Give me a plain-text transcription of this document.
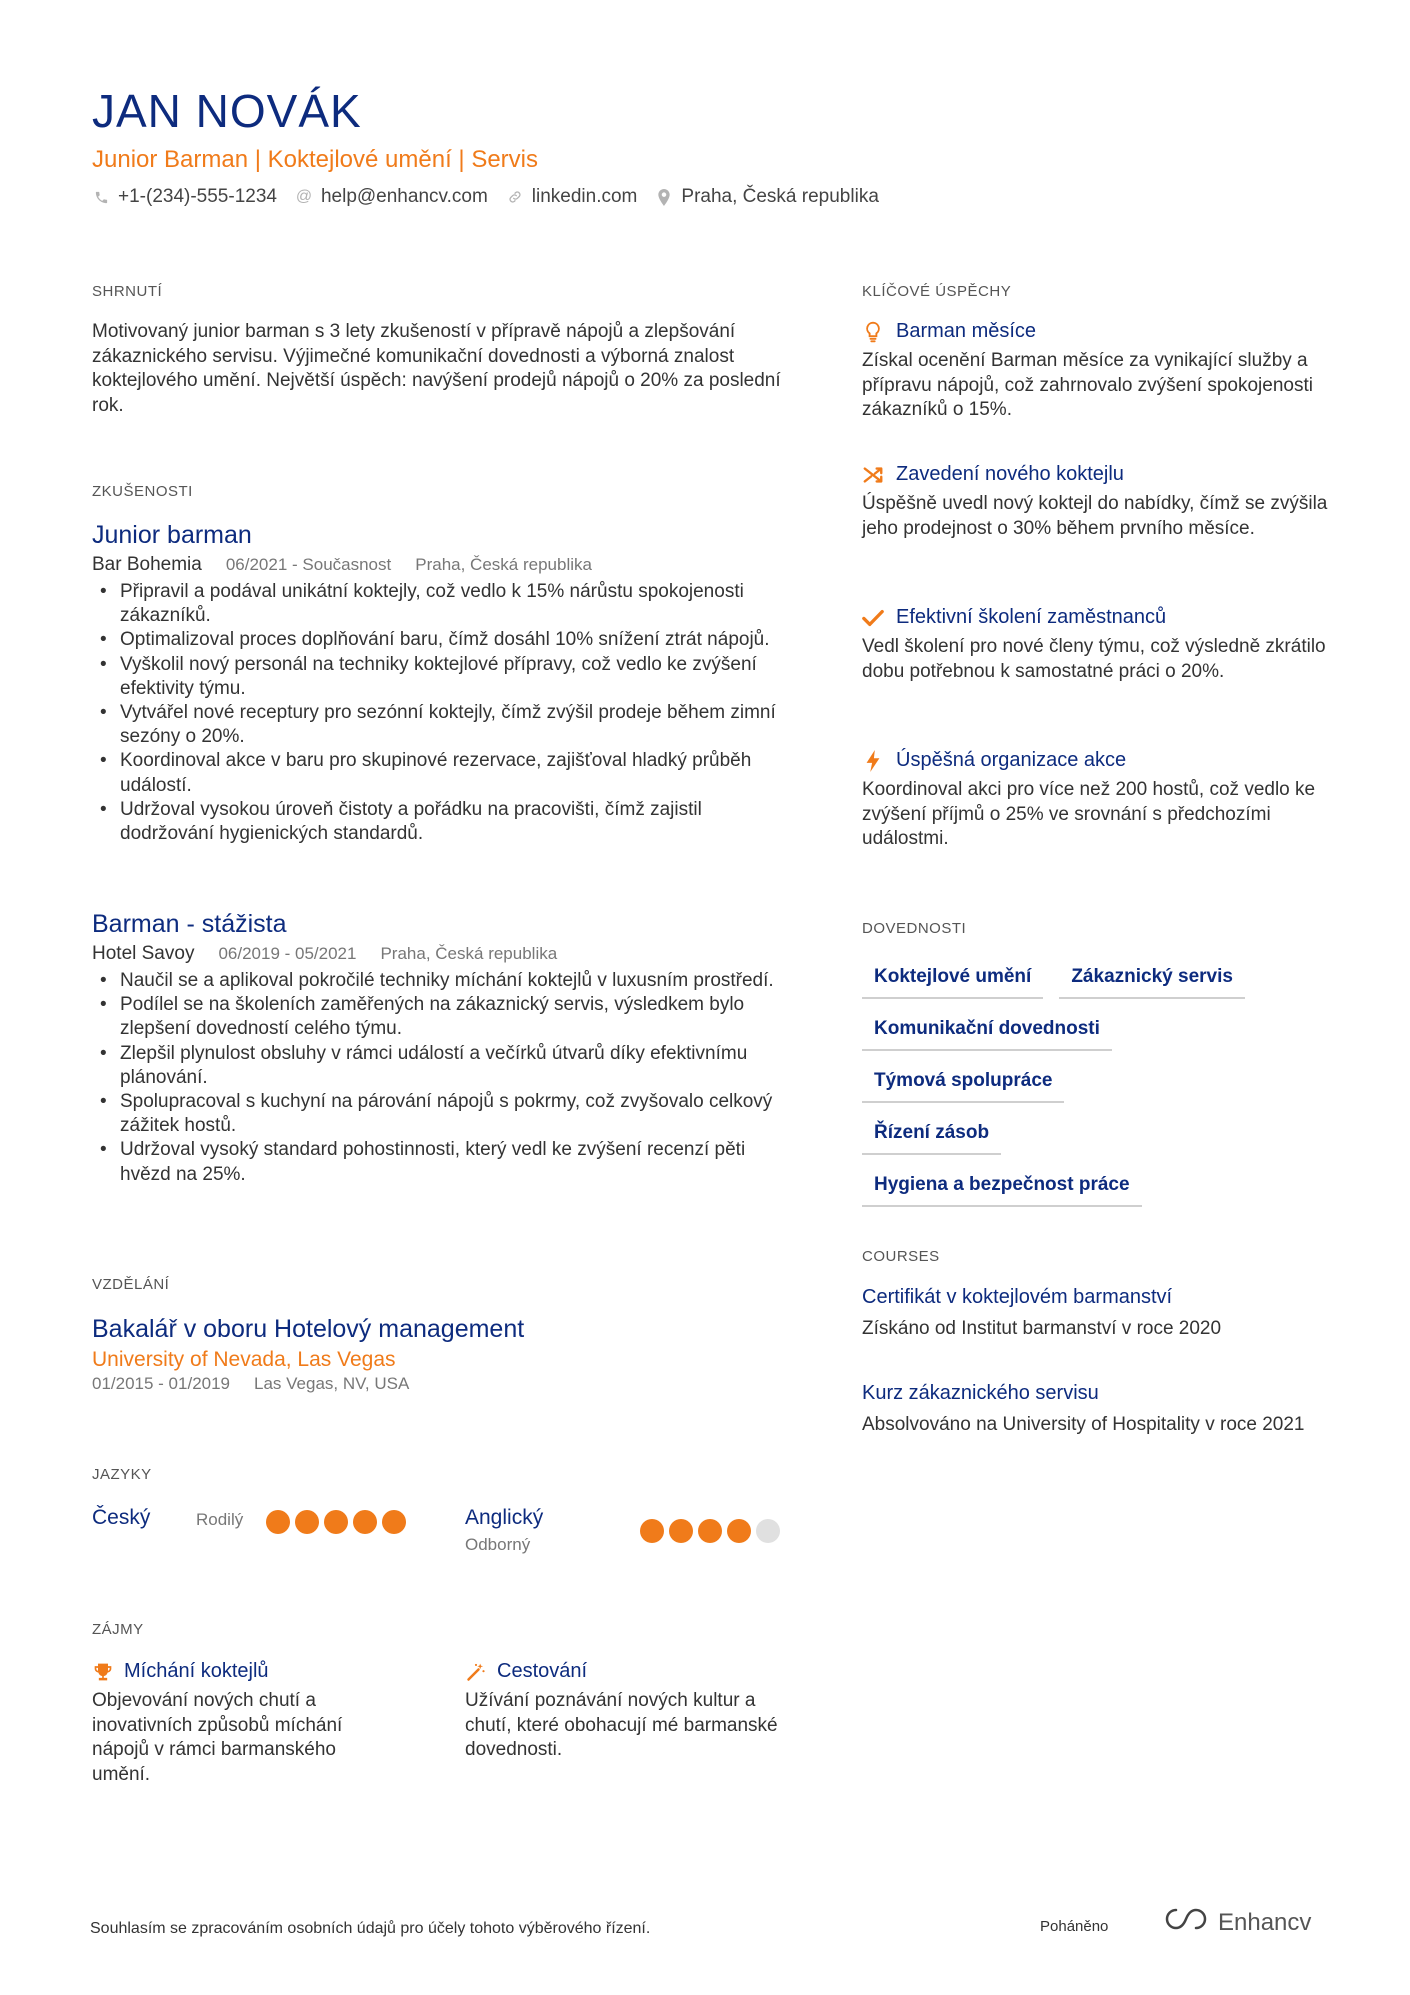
JAN NOVÁK
Junior Barman | Koktejlové umění | Servis
+1-(234)-555-1234 @ help@enhancv.com linkedin.com Praha, Česká republika
SHRNUTÍ
Motivovaný junior barman s 3 lety zkušeností v přípravě nápojů a zlepšování zákaznického servisu. Výjimečné komunikační dovednosti a výborná znalost koktejlového umění. Největší úspěch: navýšení prodejů nápojů o 20% za poslední rok.
ZKUŠENOSTI
Junior barman
Bar Bohemia 06/2021 - Současnost Praha, Česká republika
• Připravil a podával unikátní koktejly, což vedlo k 15% nárůstu spokojenosti zákazníků.
• Optimalizoval proces doplňování baru, čímž dosáhl 10% snížení ztrát nápojů.
• Vyškolil nový personál na techniky koktejlové přípravy, což vedlo ke zvýšení efektivity týmu.
• Vytvářel nové receptury pro sezónní koktejly, čímž zvýšil prodeje během zimní sezóny o 20%.
• Koordinoval akce v baru pro skupinové rezervace, zajišťoval hladký průběh událostí.
• Udržoval vysokou úroveň čistoty a pořádku na pracovišti, čímž zajistil dodržování hygienických standardů.
Barman - stážista
Hotel Savoy 06/2019 - 05/2021 Praha, Česká republika
• Naučil se a aplikoval pokročilé techniky míchání koktejlů v luxusním prostředí.
• Podílel se na školeních zaměřených na zákaznický servis, výsledkem bylo zlepšení dovedností celého týmu.
• Zlepšil plynulost obsluhy v rámci událostí a večírků útvarů díky efektivnímu plánování.
• Spolupracoval s kuchyní na párování nápojů s pokrmy, což zvyšovalo celkový zážitek hostů.
• Udržoval vysoký standard pohostinnosti, který vedl ke zvýšení recenzí pěti hvězd na 25%.
VZDĚLÁNÍ
Bakalář v oboru Hotelový management
University of Nevada, Las Vegas
01/2015 - 01/2019 Las Vegas, NV, USA
JAZYKY
Český	Rodilý	Anglický
Odborný
ZÁJMY
Míchání koktejlů
Objevování nových chutí a inovativních způsobů míchání nápojů v rámci barmanského umění.
Cestování
Užívání poznávání nových kultur a chutí, které obohacují mé barmanské dovednosti.
KLÍČOVÉ ÚSPĚCHY
Barman měsíce
Získal ocenění Barman měsíce za vynikající služby a přípravu nápojů, což zahrnovalo zvýšení spokojenosti zákazníků o 15%.
Zavedení nového koktejlu
Úspěšně uvedl nový koktejl do nabídky, čímž se zvýšila jeho prodejnost o 30% během prvního měsíce.
Efektivní školení zaměstnanců
Vedl školení pro nové členy týmu, což výsledně zkrátilo dobu potřebnou k samostatné práci o 20%.
Úspěšná organizace akce
Koordinoval akci pro více než 200 hostů, což vedlo ke zvýšení příjmů o 25% ve srovnání s předchozími událostmi.
DOVEDNOSTI
Koktejlové umění	Zákaznický servis
Komunikační dovednosti
Týmová spolupráce
Řízení zásob
Hygiena a bezpečnost práce
COURSES
Certifikát v koktejlovém barmanství
Získáno od Institut barmanství v roce 2020
Kurz zákaznického servisu
Absolvováno na University of Hospitality v roce 2021
Souhlasím se zpracováním osobních údajů pro účely tohoto výběrového řízení.	Poháněno	Enhancv
